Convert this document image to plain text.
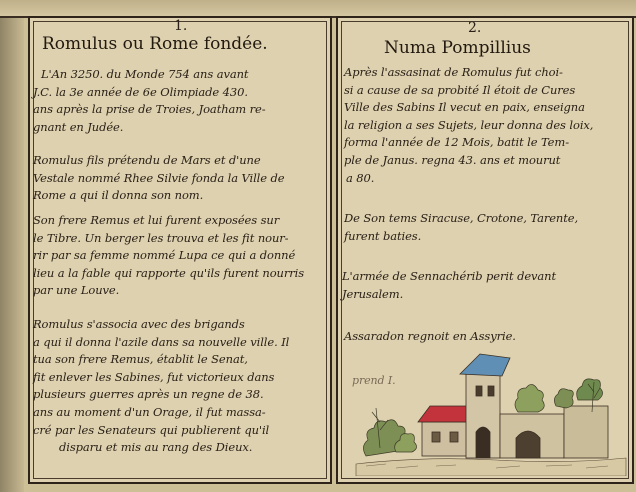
1.
Romulus ou Rome fondée.
L'An 3250. du Monde 754 ans avant
J.C. la 3e année de 6e Olimpiade 430.
ans après la prise de Troies, Joatham re-
gnant en Judée.
Romulus fils prétendu de Mars et d'une
Vestale nommé Rhee Silvie fonda la Ville de
Rome a qui il donna son nom.
Son frere Remus et lui furent exposées sur
le Tibre. Un berger les trouva et les fit nour-
rir par sa femme nommé Lupa ce qui a donné
lieu a la fable qui rapporte qu'ils furent nourris
par une Louve.
Romulus s'associa avec des brigands
a qui il donna l'azile dans sa nouvelle ville. Il
tua son frere Remus, établit le Senat,
fit enlever les Sabines, fut victorieux dans
plusieurs guerres après un regne de 38.
ans au moment d'un Orage, il fut massa-
cré par les Senateurs qui publierent qu'il
disparu et mis au rang des Dieux.
2.
Numa Pompillius
Après l'assasinat de Romulus fut choi-
si a cause de sa probité Il étoit de Cures
Ville des Sabins Il vecut en paix, enseigna
la religion a ses Sujets, leur donna des loix,
forma l'année de 12 Mois, batit le Tem-
ple de Janus. regna 43. ans et mourut
a 80.
De Son tems Siracuse, Crotone, Tarente,
furent baties.
L'armée de Sennachérib perit devant
Jerusalem.
Assaradon regnoit en Assyrie.
prend I.
